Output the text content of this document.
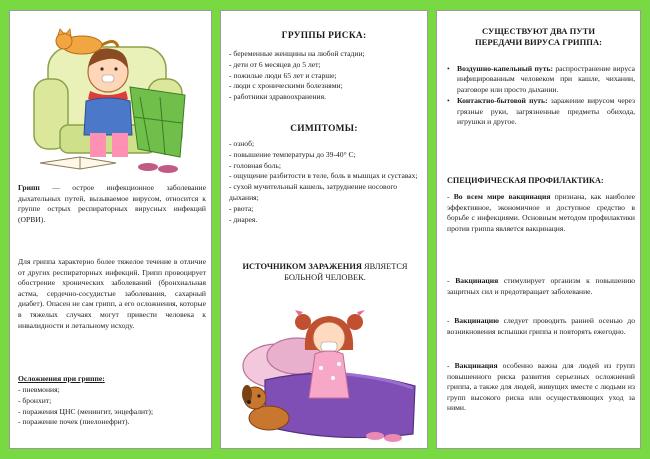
Грипп — острое инфекционное заболевание дыхательных путей, вызываемое вирусом, относится к группе острых респираторных вирусных инфекций (ОРВИ).

Для гриппа характерно более тяжелое течение в отличие от других респираторных инфекций. Грипп провоцирует обострение хронических заболеваний (бронхиальная астма, сердечно-сосудистые заболевания, сахарный диабет). Опасен не сам грипп, а его осложнения, которые в тяжелых случаях могут привести человека к инвалидности и летальному исходу.

Осложнения при гриппе:
- пневмония;
- бронхит;
- поражения ЦНС (менингит, энцефалит);
- поражение почек (пиелонефрит).
ГРУППЫ РИСКА:
- беременные женщины на любой стадии;
- дети от 6 месяцев до 5 лет;
- пожилые люди 65 лет и старше;
- люди с хроническими болезнями;
- работники здравоохранения.
СИМПТОМЫ:
- озноб;
- повышение температуры до 39-40° С;
- головная боль;
- ощущение разбитости в теле, боль в мышцах и суставах;
- сухой мучительный кашель, затруднение носового дыхания;
- рвота;
- диарея.
ИСТОЧНИКОМ ЗАРАЖЕНИЯ ЯВЛЯЕТСЯ БОЛЬНОЙ ЧЕЛОВЕК.
СУЩЕСТВУЮТ ДВА ПУТИ
ПЕРЕДАЧИ ВИРУСА ГРИППА:
• Воздушно-капельный путь: распространение вируса инфицированным человеком при кашле, чихании, разговоре или просто дыхании.
• Контактно-бытовой путь: заражение вирусом через грязные руки, загрязненные предметы обихода, игрушки и другое.
СПЕЦИФИЧЕСКАЯ ПРОФИЛАКТИКА:

- Во всем мире вакцинация признана, как наиболее эффективное, экономичное и доступное средство в борьбе с инфекциями. Основным методом профилактики против гриппа является вакцинация.

- Вакцинация стимулирует организм к повышению защитных сил и предотвращает заболевание.

- Вакцинацию следует проводить ранней осенью до возникновения вспышки гриппа и повторять ежегодно.

- Вакцинация особенно важна для людей из групп повышенного риска развития серьезных осложнений гриппа, а также для людей, живущих вместе с людьми из групп высокого риска или осуществляющих уход за ними.
